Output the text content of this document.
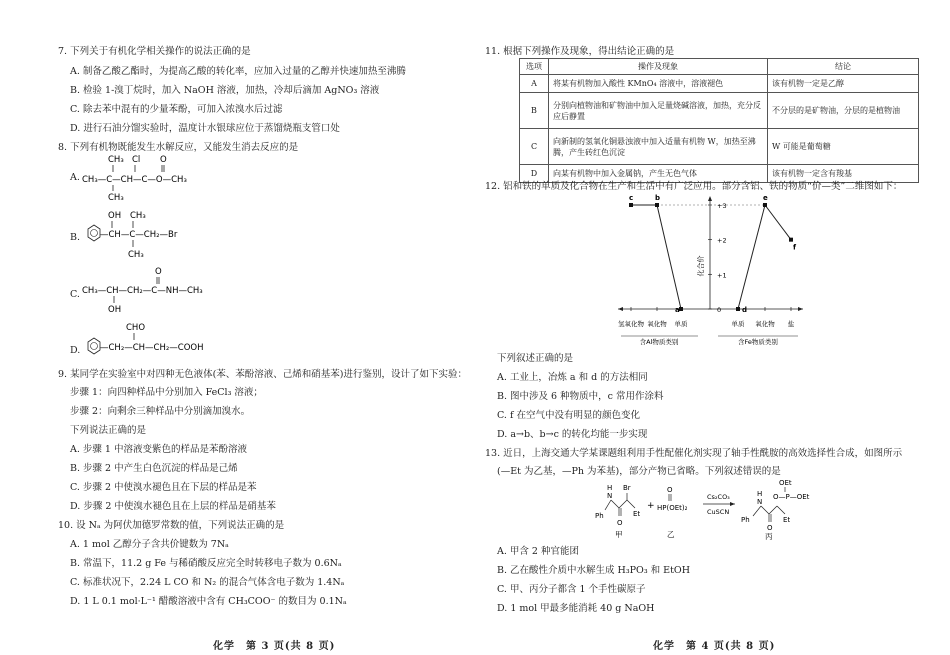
7. 下列关于有机化学相关操作的说法正确的是
A. 制备乙酸乙酯时，为提高乙酸的转化率，应加入过量的乙醇并快速加热至沸腾
B. 检验 1-溴丁烷时，加入 NaOH 溶液，加热，冷却后滴加 AgNO₃ 溶液
C. 除去苯中混有的少量苯酚，可加入浓溴水后过滤
D. 进行石油分馏实验时，温度计水银球应位于蒸馏烧瓶支管口处
8. 下列有机物既能发生水解反应，又能发生消去反应的是
A.
CH₃ Cl O
CH₃—C—CH—C—O—CH₃
CH₃
B.
OH CH₃
—CH—C—CH₂—Br
CH₃
C.
O
CH₃—CH—CH₂—C—NH—CH₃
OH
D.
CHO
—CH₂—CH—CH₂—COOH
9. 某同学在实验室中对四种无色液体(苯、苯酚溶液、己烯和硝基苯)进行鉴别，设计了如下实验：
步骤 1：向四种样品中分别加入 FeCl₃ 溶液；
步骤 2：向剩余三种样品中分别滴加溴水。
下列说法正确的是
A. 步骤 1 中溶液变紫色的样品是苯酚溶液
B. 步骤 2 中产生白色沉淀的样品是己烯
C. 步骤 2 中使溴水褪色且在下层的样品是苯
D. 步骤 2 中使溴水褪色且在上层的样品是硝基苯
10. 设 Nₐ 为阿伏加德罗常数的值，下列说法正确的是
A. 1 mol 乙醇分子含共价键数为 7Nₐ
B. 常温下，11.2 g Fe 与稀硝酸反应完全时转移电子数为 0.6Nₐ
C. 标准状况下，2.24 L CO 和 N₂ 的混合气体含电子数为 1.4Nₐ
D. 1 L 0.1 mol·L⁻¹ 醋酸溶液中含有 CH₃COO⁻ 的数目为 0.1Nₐ
化学　第 3 页(共 8 页)
11. 根据下列操作及现象，得出结论正确的是
选项	操作及现象	结论
A	将某有机物加入酸性 KMnO₄ 溶液中，溶液褪色	该有机物一定是乙醇
B	分别向植物油和矿物油中加入足量烧碱溶液，加热，充分反应后静置	不分层的是矿物油，分层的是植物油
C	向新制的氢氧化铜悬浊液中加入适量有机物 W，加热至沸腾，产生砖红色沉淀	W 可能是葡萄糖
D	向某有机物中加入金属钠，产生无色气体	该有机物一定含有羧基
12. 铝和铁的单质及化合物在生产和生活中有广泛应用。部分含铝、铁的物质“价—类”二维图如下：
化合价
含Al物质类别	含Fe物质类别
0
+1
+2
+3
氢氧化物 氧化物 单质	单质 氧化物 盐
c	b
a	d
e
f
下列叙述正确的是
A. 工业上，冶炼 a 和 d 的方法相同
B. 图中涉及 6 种物质中，c 常用作涂料
C. f 在空气中没有明显的颜色变化
D. a→b、b→c 的转化均能一步实现
13. 近日，上海交通大学某课题组利用手性配催化剂实现了轴手性酰胺的高效选择性合成，如图所示
(—Et 为乙基，—Ph 为苯基)，部分产物已省略。下列叙述错误的是
H
N
Br
Ph
O
Et
甲
+
O
HP(OEt)₂
乙
Cs₂CO₃
CuSCN
OEt
O—P—OEt
H
N
Ph
O
Et
丙
A. 甲含 2 种官能团
B. 乙在酸性介质中水解生成 H₃PO₃ 和 EtOH
C. 甲、丙分子都含 1 个手性碳原子
D. 1 mol 甲最多能消耗 40 g NaOH
化学　第 4 页(共 8 页)
